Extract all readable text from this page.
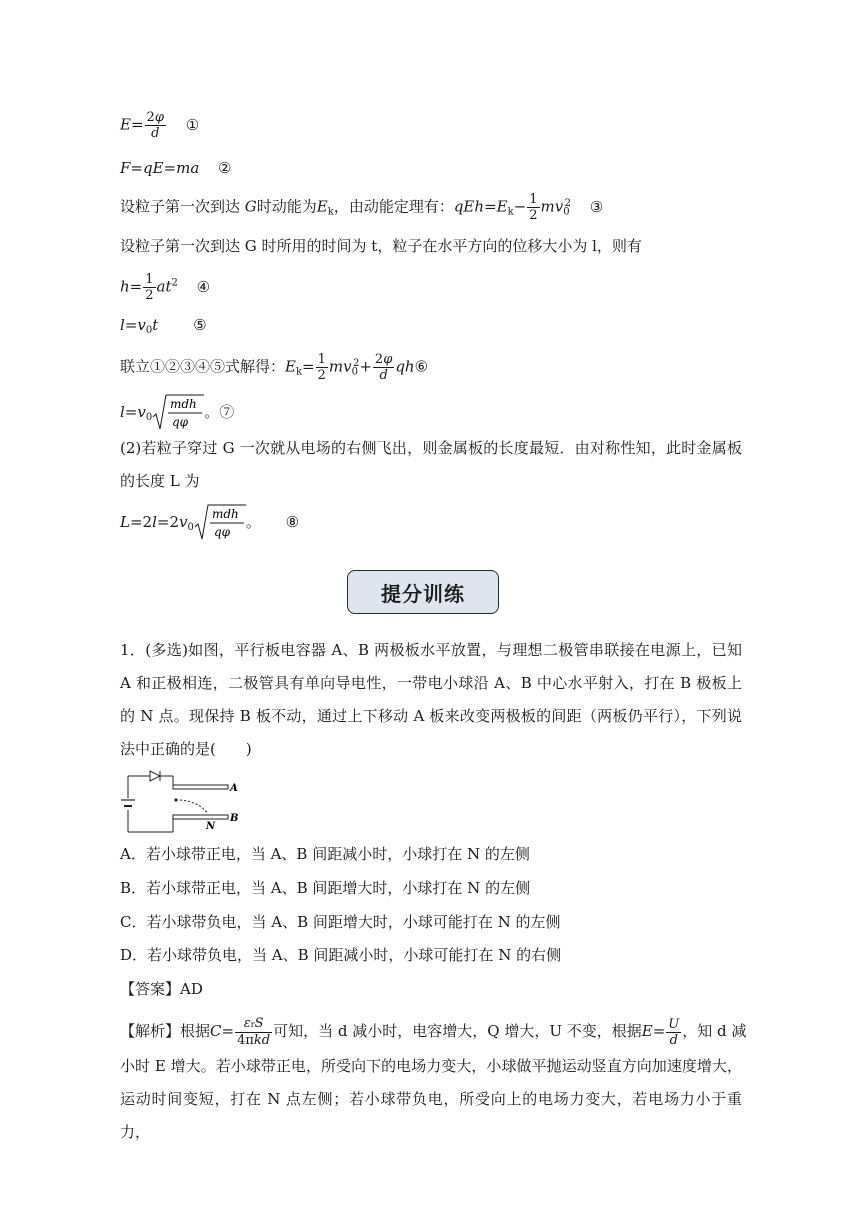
$E= \frac{2\varphi}{d}$ ①
F=qE=ma ②
设粒子第一次到达 G时动能为$E_k$，由动能定理有：$qEh=E_k- \frac{1}{2} mv_0^2$ ③
设粒子第一次到达 G 时所用的时间为 t，粒子在水平方向的位移大小为 l，则有
$h= \frac{1}{2} at^2$ ④
$l=v_0t$ ⑤
联立①②③④⑤式解得：$E_k= \frac{1}{2} mv_0^2+ \frac{2\varphi}{d}$ qh⑥
$l=v_0$
mdh
qφ
。⑦
(2)若粒子穿过 G 一次就从电场的右侧飞出，则金属板的长度最短．由对称性知，此时金属板的长度 L 为
$L=2l=2v_0$
mdh
qφ
。 ⑧
提分训练
1．(多选)如图，平行板电容器 A、B 两极板水平放置，与理想二极管串联接在电源上，已知 A 和正极相连，二极管具有单向导电性，一带电小球沿 A、B 中心水平射入，打在 B 极板上的 N 点。现保持 B 板不动，通过上下移动 A 板来改变两极板的间距（两板仍平行），下列说法中正确的是(　　)
A
B
N
A．若小球带正电，当 A、B 间距减小时，小球打在 N 的左侧
B．若小球带正电，当 A、B 间距增大时，小球打在 N 的左侧
C．若小球带负电，当 A、B 间距增大时，小球可能打在 N 的左侧
D．若小球带负电，当 A、B 间距减小时，小球可能打在 N 的右侧
【答案】AD
【解析】根据$C= \frac{\text{εrS}}{\text{4πkd}}$ 可知，当 d 减小时，电容增大，Q 增大，U 不变，根据$E= \frac{U}{d}$ ，知 d 减
小时 E 增大。若小球带正电，所受向下的电场力变大，小球做平抛运动竖直方向加速度增大，运动时间变短，打在 N 点左侧；若小球带负电，所受向上的电场力变大，若电场力小于重力，
